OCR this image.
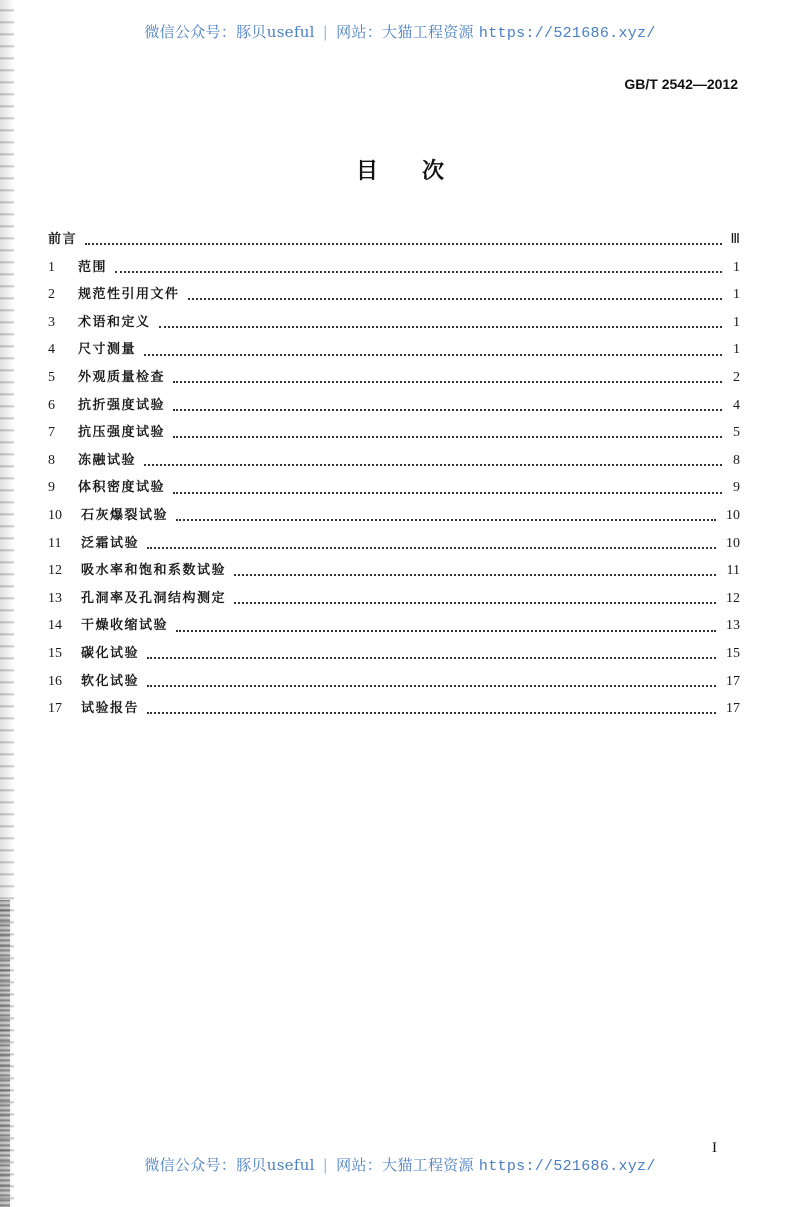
微信公众号：豚贝useful | 网站：大猫工程资源 https://521686.xyz/
GB/T 2542—2012
目次
前言	Ⅲ
1	范围	1
2	规范性引用文件	1
3	术语和定义	1
4	尺寸测量	1
5	外观质量检查	2
6	抗折强度试验	4
7	抗压强度试验	5
8	冻融试验	8
9	体积密度试验	9
10	石灰爆裂试验	10
11	泛霜试验	10
12	吸水率和饱和系数试验	11
13	孔洞率及孔洞结构测定	12
14	干燥收缩试验	13
15	碳化试验	15
16	软化试验	17
17	试验报告	17
I
微信公众号：豚贝useful | 网站：大猫工程资源 https://521686.xyz/
